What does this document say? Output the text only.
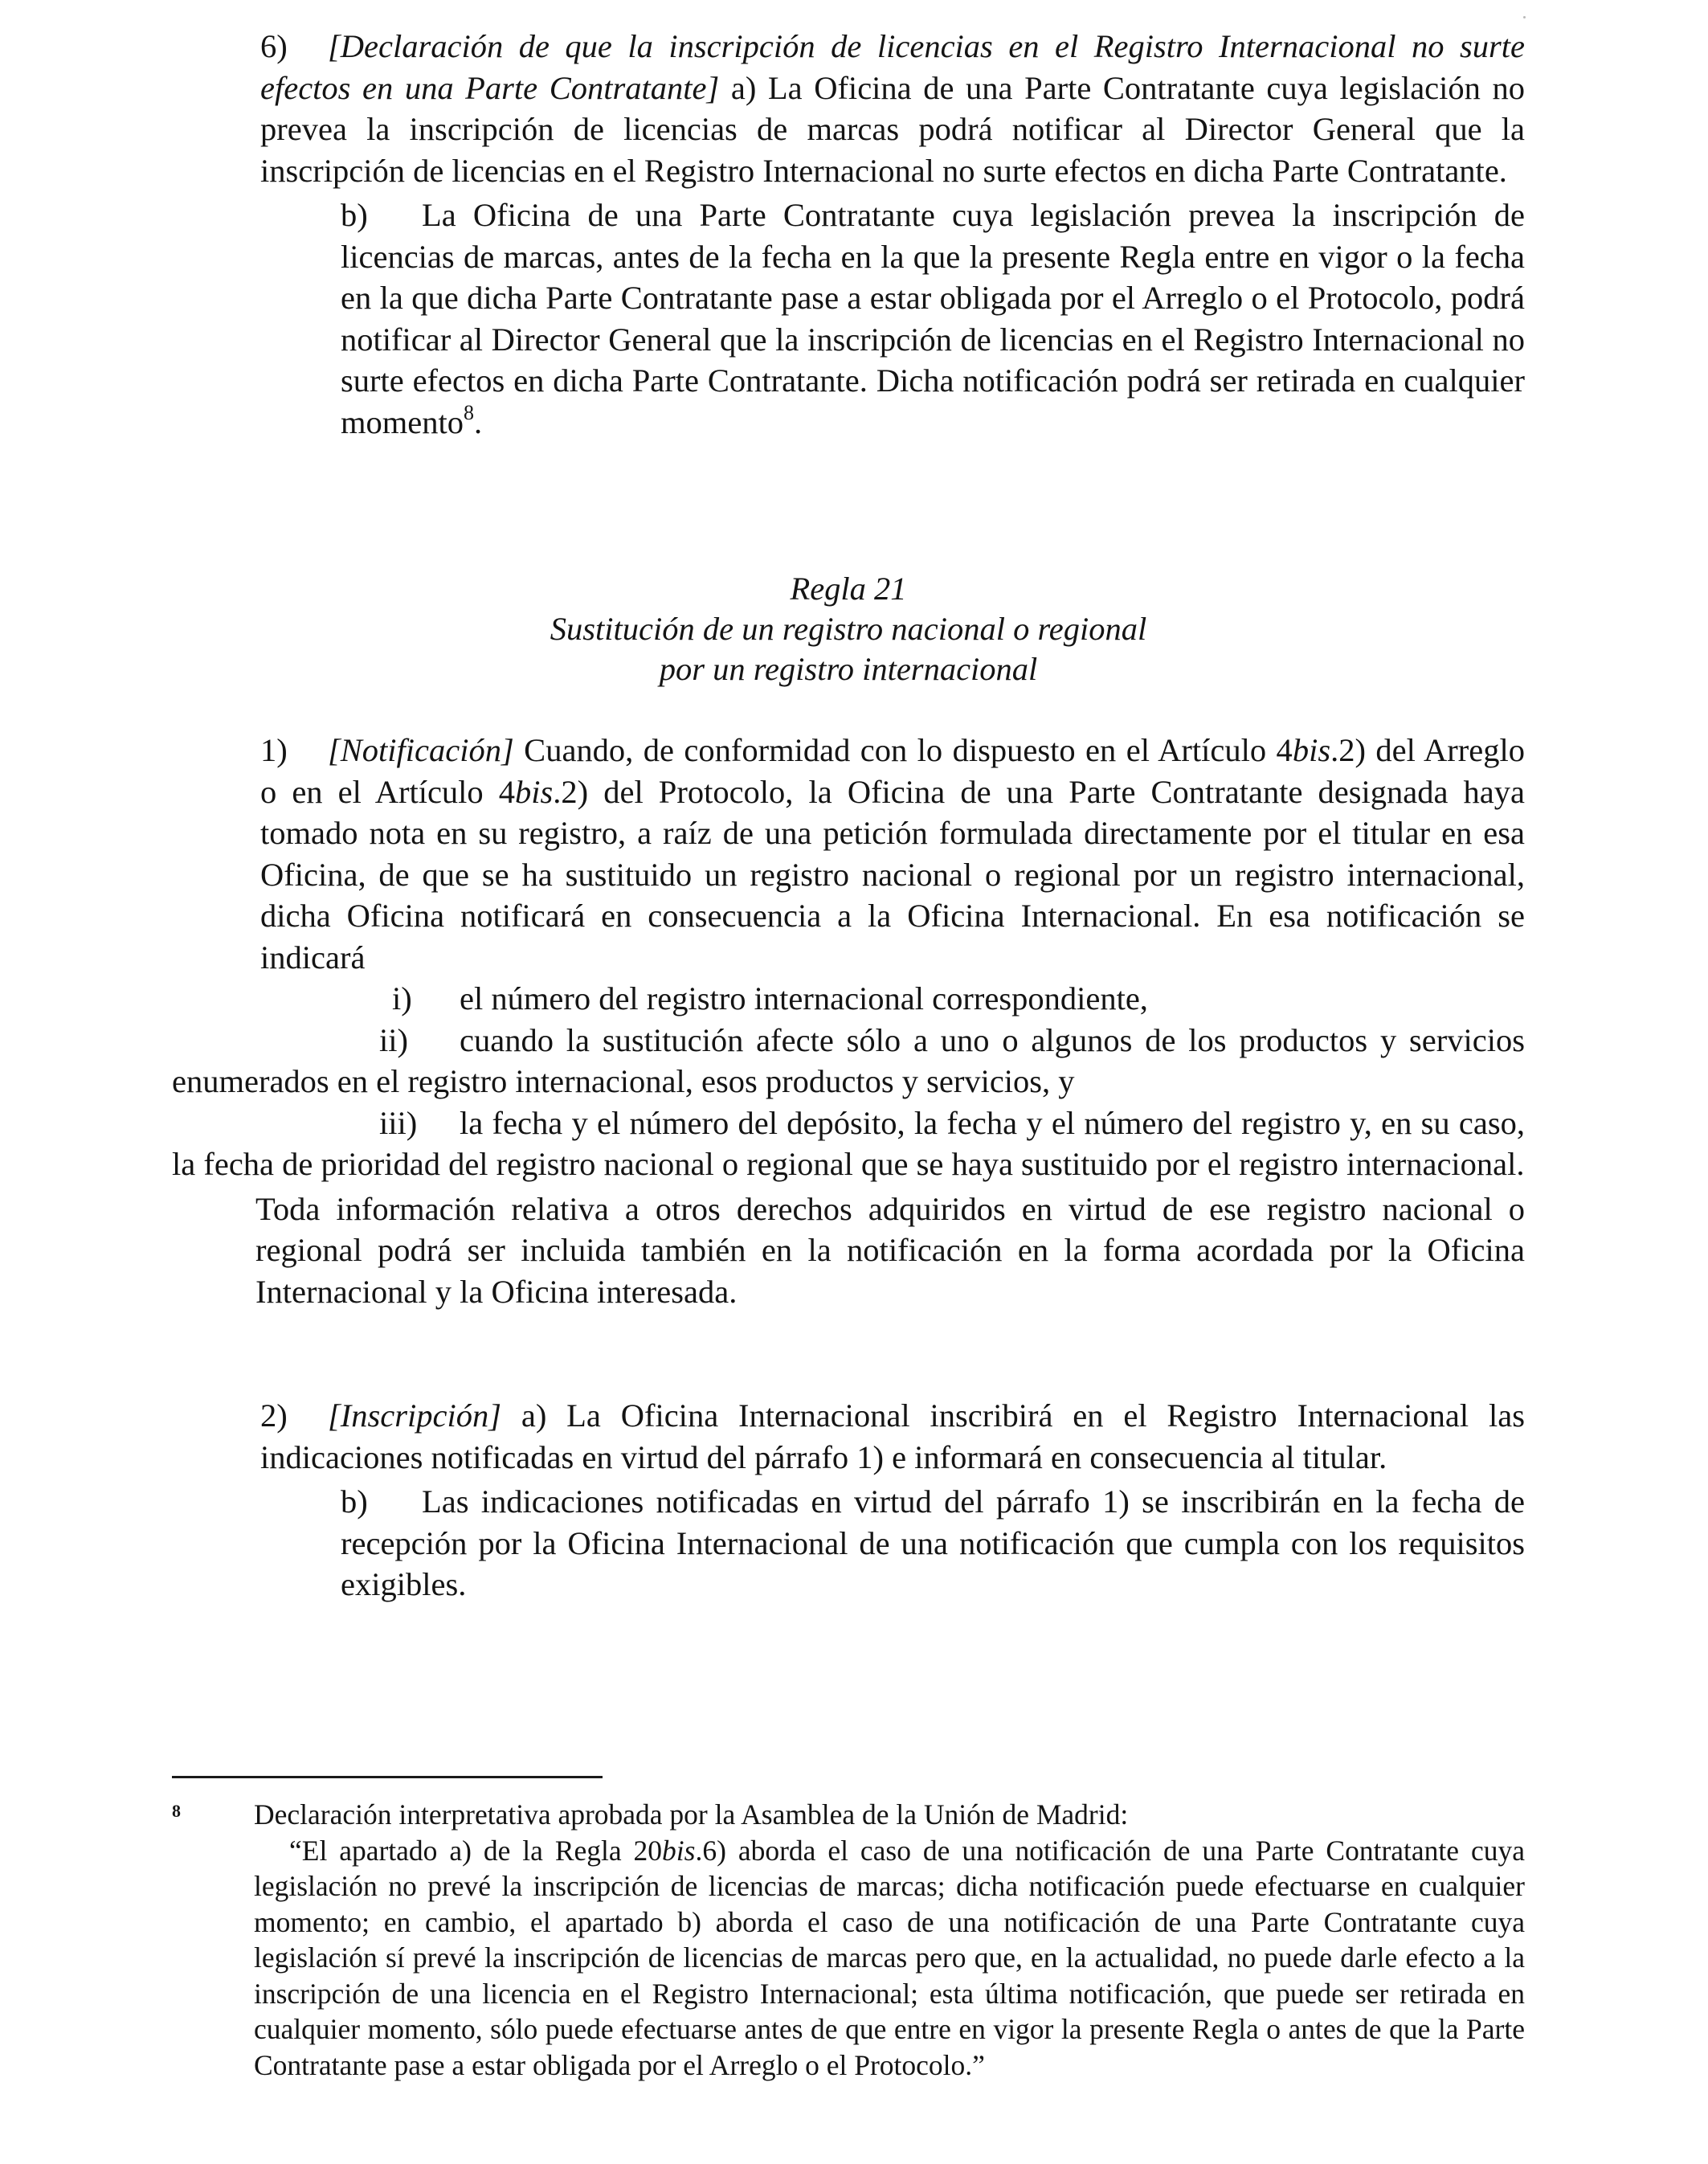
6) [Declaración de que la inscripción de licencias en el Registro Internacional no surte efectos en una Parte Contratante] a) La Oficina de una Parte Contratante cuya legislación no prevea la inscripción de licencias de marcas podrá notificar al Director General que la inscripción de licencias en el Registro Internacional no surte efectos en dicha Parte Contratante.

b) La Oficina de una Parte Contratante cuya legislación prevea la inscripción de licencias de marcas, antes de la fecha en la que la presente Regla entre en vigor o la fecha en la que dicha Parte Contratante pase a estar obligada por el Arreglo o el Protocolo, podrá notificar al Director General que la inscripción de licencias en el Registro Internacional no surte efectos en dicha Parte Contratante. Dicha notificación podrá ser retirada en cualquier momento$^8$.

Regla 21
Sustitución de un registro nacional o regional
por un registro internacional

1) [Notificación] Cuando, de conformidad con lo dispuesto en el Artículo 4bis.2) del Arreglo o en el Artículo 4bis.2) del Protocolo, la Oficina de una Parte Contratante designada haya tomado nota en su registro, a raíz de una petición formulada directamente por el titular en esa Oficina, de que se ha sustituido un registro nacional o regional por un registro internacional, dicha Oficina notificará en consecuencia a la Oficina Internacional. En esa notificación se indicará

i) el número del registro internacional correspondiente,

ii) cuando la sustitución afecte sólo a uno o algunos de los productos y servicios enumerados en el registro internacional, esos productos y servicios, y

iii) la fecha y el número del depósito, la fecha y el número del registro y, en su caso, la fecha de prioridad del registro nacional o regional que se haya sustituido por el registro internacional.

Toda información relativa a otros derechos adquiridos en virtud de ese registro nacional o regional podrá ser incluida también en la notificación en la forma acordada por la Oficina Internacional y la Oficina interesada.

2) [Inscripción] a) La Oficina Internacional inscribirá en el Registro Internacional las indicaciones notificadas en virtud del párrafo 1) e informará en consecuencia al titular.

b) Las indicaciones notificadas en virtud del párrafo 1) se inscribirán en la fecha de recepción por la Oficina Internacional de una notificación que cumpla con los requisitos exigibles.

8	Declaración interpretativa aprobada por la Asamblea de la Unión de Madrid:

“El apartado a) de la Regla 20bis.6) aborda el caso de una notificación de una Parte Contratante cuya legislación no prevé la inscripción de licencias de marcas; dicha notificación puede efectuarse en cualquier momento; en cambio, el apartado b) aborda el caso de una notificación de una Parte Contratante cuya legislación sí prevé la inscripción de licencias de marcas pero que, en la actualidad, no puede darle efecto a la inscripción de una licencia en el Registro Internacional; esta última notificación, que puede ser retirada en cualquier momento, sólo puede efectuarse antes de que entre en vigor la presente Regla o antes de que la Parte Contratante pase a estar obligada por el Arreglo o el Protocolo.”
